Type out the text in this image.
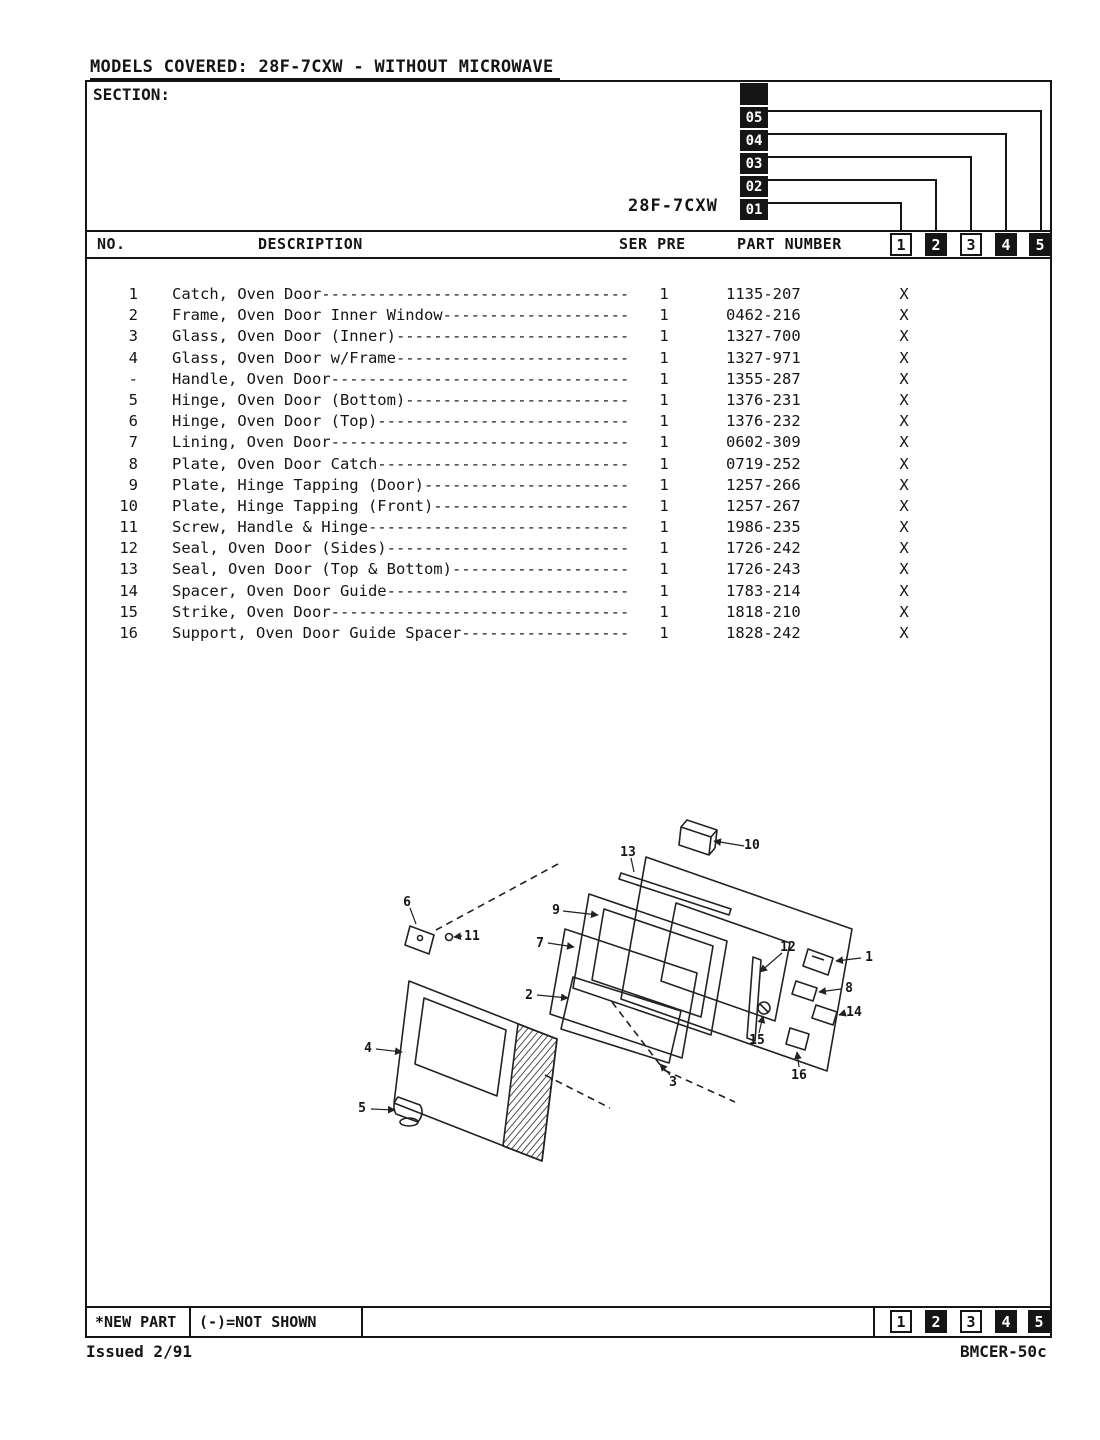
MODELS COVERED: 28F-7CXW - WITHOUT MICROWAVE
SECTION:
28F-7CXW
05
04
03
02
01
NO.	DESCRIPTION	SER PRE	PART NUMBER	1	2	3	4	5
1 Catch, Oven Door---------------------------------	1	1135-207	X
2 Frame, Oven Door Inner Window--------------------	1	0462-216	X
3 Glass, Oven Door (Inner)-------------------------	1	1327-700	X
4 Glass, Oven Door w/Frame-------------------------	1	1327-971	X
- Handle, Oven Door--------------------------------	1	1355-287	X
5 Hinge, Oven Door (Bottom)------------------------	1	1376-231	X
6 Hinge, Oven Door (Top)---------------------------	1	1376-232	X
7 Lining, Oven Door--------------------------------	1	0602-309	X
8 Plate, Oven Door Catch---------------------------	1	0719-252	X
9 Plate, Hinge Tapping (Door)----------------------	1	1257-266	X
10 Plate, Hinge Tapping (Front)---------------------	1	1257-267	X
11 Screw, Handle & Hinge----------------------------	1	1986-235	X
12 Seal, Oven Door (Sides)--------------------------	1	1726-242	X
13 Seal, Oven Door (Top & Bottom)-------------------	1	1726-243	X
14 Spacer, Oven Door Guide--------------------------	1	1783-214	X
15 Strike, Oven Door--------------------------------	1	1818-210	X
16 Support, Oven Door Guide Spacer------------------	1	1828-242	X
13	10
6
9
11	7	12
1
2	8
14
4
15
16
3
5
*NEW PART	(-)=NOT SHOWN	1	2	3	4	5
Issued 2/91	BMCER-50c
